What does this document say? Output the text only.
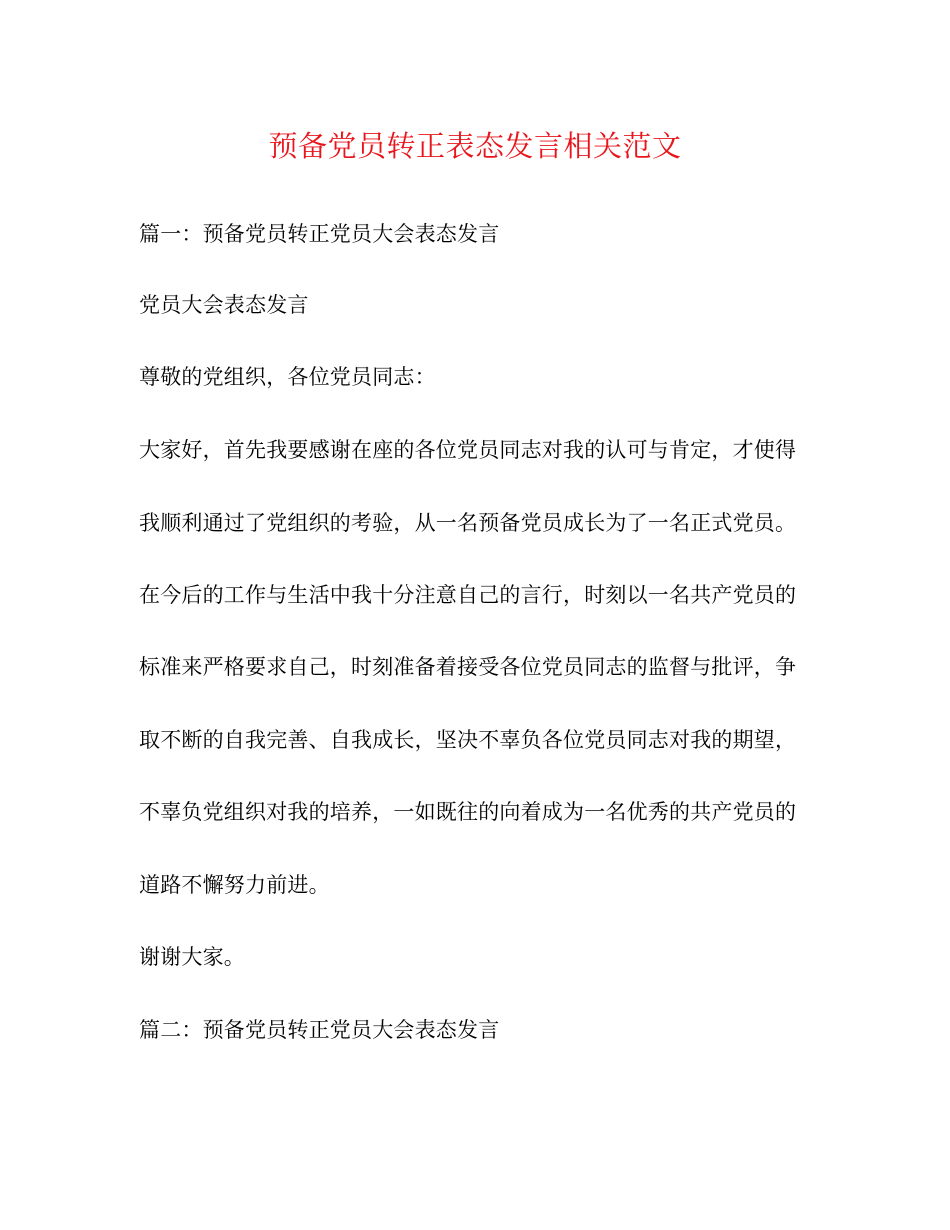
预备党员转正表态发言相关范文
篇一：预备党员转正党员大会表态发言
党员大会表态发言
尊敬的党组织，各位党员同志：
大家好，首先我要感谢在座的各位党员同志对我的认可与肯定，才使得
我顺利通过了党组织的考验，从一名预备党员成长为了一名正式党员。
在今后的工作与生活中我十分注意自己的言行，时刻以一名共产党员的
标准来严格要求自己，时刻准备着接受各位党员同志的监督与批评，争
取不断的自我完善、自我成长，坚决不辜负各位党员同志对我的期望，
不辜负党组织对我的培养，一如既往的向着成为一名优秀的共产党员的
道路不懈努力前进。
谢谢大家。
篇二：预备党员转正党员大会表态发言
